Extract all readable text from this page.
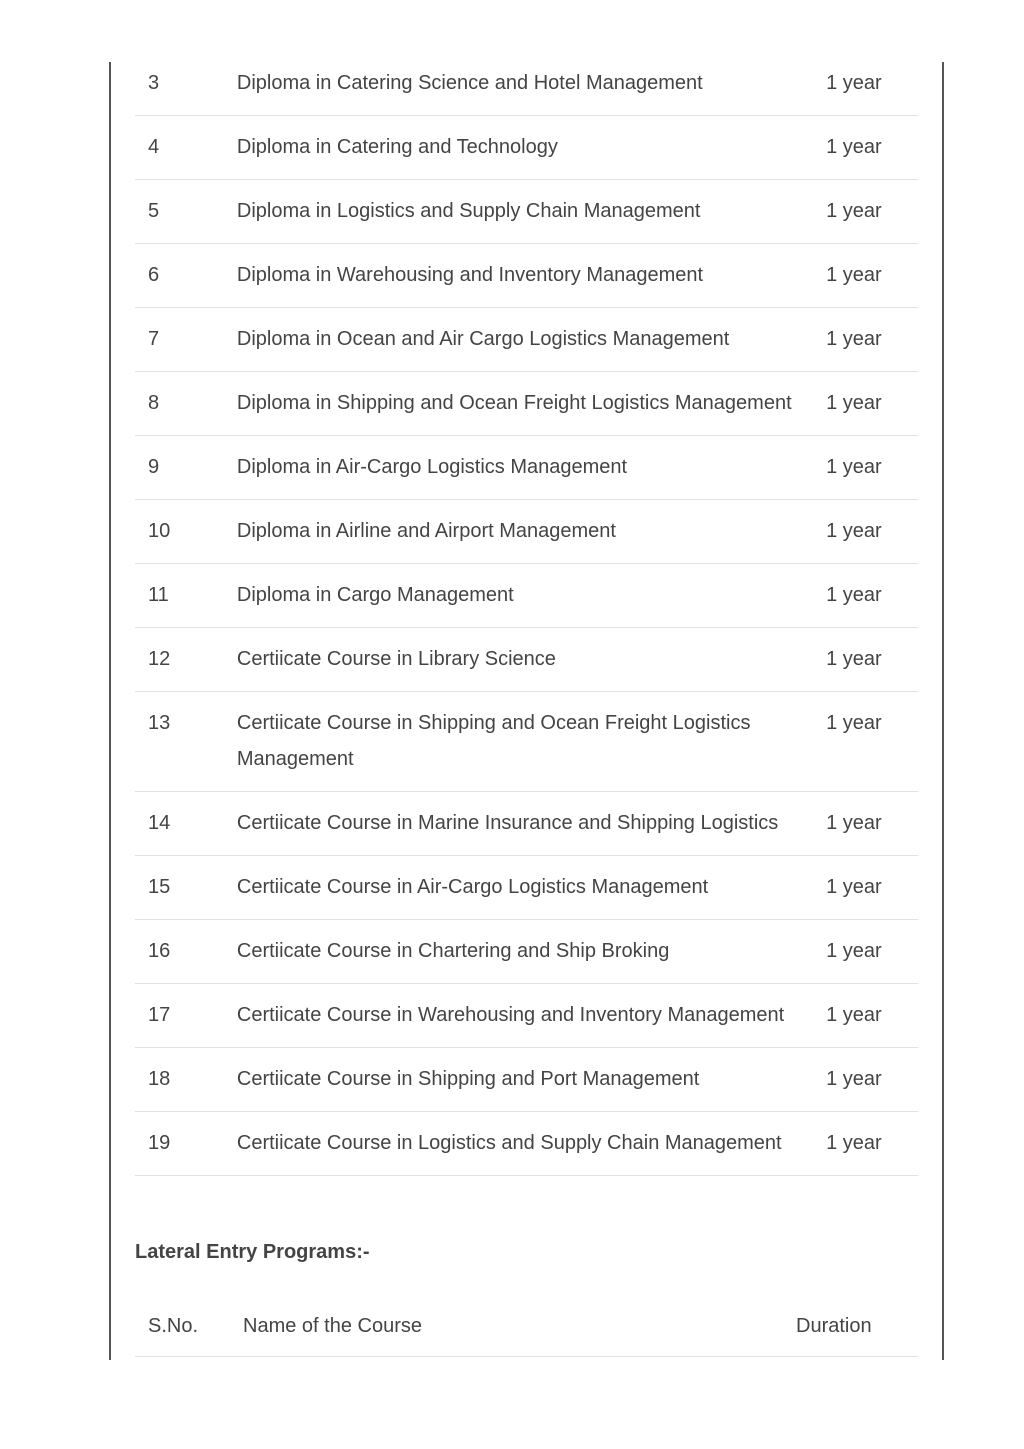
3	Diploma in Catering Science and Hotel Management	1 year
4	Diploma in Catering and Technology	1 year
5	Diploma in Logistics and Supply Chain Management	1 year
6	Diploma in Warehousing and Inventory Management	1 year
7	Diploma in Ocean and Air Cargo Logistics Management	1 year
8	Diploma in Shipping and Ocean Freight Logistics Management	1 year
9	Diploma in Air-Cargo Logistics Management	1 year
10	Diploma in Airline and Airport Management	1 year
11	Diploma in Cargo Management	1 year
12	Certiicate Course in Library Science	1 year
13	Certiicate Course in Shipping and Ocean Freight Logistics Management	1 year
14	Certiicate Course in Marine Insurance and Shipping Logistics	1 year
15	Certiicate Course in Air-Cargo Logistics Management	1 year
16	Certiicate Course in Chartering and Ship Broking	1 year
17	Certiicate Course in Warehousing and Inventory Management	1 year
18	Certiicate Course in Shipping and Port Management	1 year
19	Certiicate Course in Logistics and Supply Chain Management	1 year
Lateral Entry Programs:-
S.No.	Name of the Course	Duration
